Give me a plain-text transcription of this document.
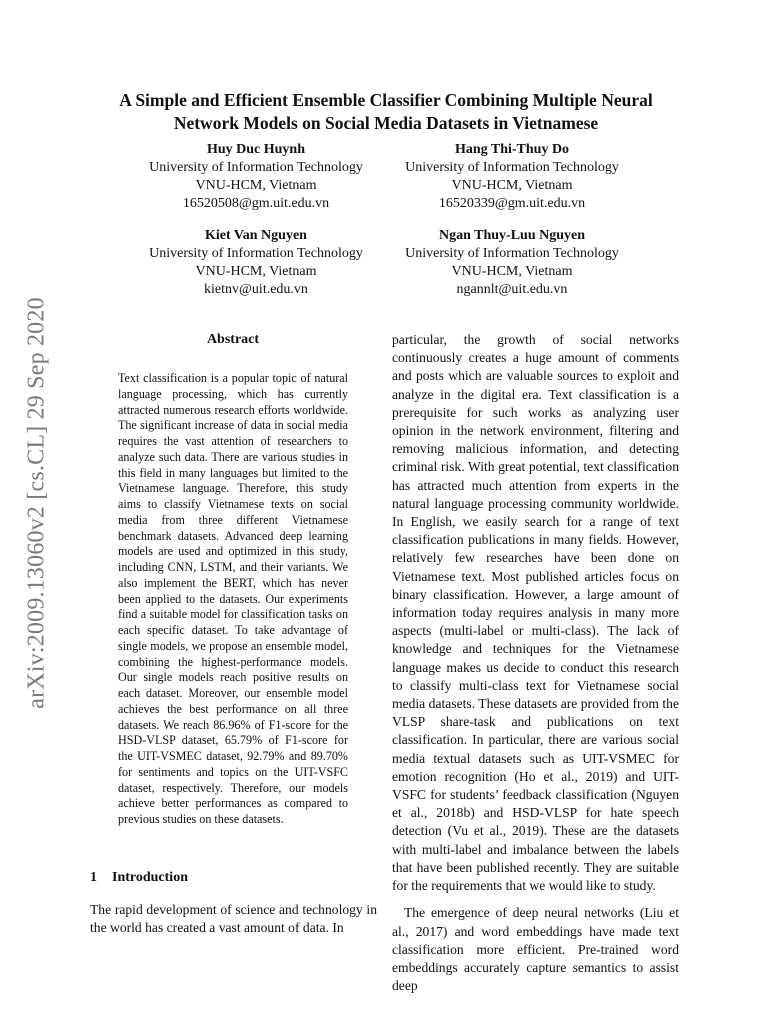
arXiv:2009.13060v2 [cs.CL] 29 Sep 2020
A Simple and Efficient Ensemble Classifier Combining Multiple Neural Network Models on Social Media Datasets in Vietnamese
Huy Duc Huynh
University of Information Technology
VNU-HCM, Vietnam
16520508@gm.uit.edu.vn
Hang Thi-Thuy Do
University of Information Technology
VNU-HCM, Vietnam
16520339@gm.uit.edu.vn
Kiet Van Nguyen
University of Information Technology
VNU-HCM, Vietnam
kietnv@uit.edu.vn
Ngan Thuy-Luu Nguyen
University of Information Technology
VNU-HCM, Vietnam
ngannlt@uit.edu.vn
Abstract

Text classification is a popular topic of natural language processing, which has currently attracted numerous research efforts worldwide. The significant increase of data in social media requires the vast attention of researchers to analyze such data. There are various studies in this field in many languages but limited to the Vietnamese language. Therefore, this study aims to classify Vietnamese texts on social media from three different Vietnamese benchmark datasets. Advanced deep learning models are used and optimized in this study, including CNN, LSTM, and their variants. We also implement the BERT, which has never been applied to the datasets. Our experiments find a suitable model for classification tasks on each specific dataset. To take advantage of single models, we propose an ensemble model, combining the highest-performance models. Our single models reach positive results on each dataset. Moreover, our ensemble model achieves the best performance on all three datasets. We reach 86.96% of F1-score for the HSD-VLSP dataset, 65.79% of F1-score for the UIT-VSMEC dataset, 92.79% and 89.70% for sentiments and topics on the UIT-VSFC dataset, respectively. Therefore, our models achieve better performances as compared to previous studies on these datasets.

1 Introduction

The rapid development of science and technology in the world has created a vast amount of data. In

particular, the growth of social networks continuously creates a huge amount of comments and posts which are valuable sources to exploit and analyze in the digital era. Text classification is a prerequisite for such works as analyzing user opinion in the network environment, filtering and removing malicious information, and detecting criminal risk. With great potential, text classification has attracted much attention from experts in the natural language processing community worldwide. In English, we easily search for a range of text classification publications in many fields. However, relatively few researches have been done on Vietnamese text. Most published articles focus on binary classification. However, a large amount of information today requires analysis in many more aspects (multi-label or multi-class). The lack of knowledge and techniques for the Vietnamese language makes us decide to conduct this research to classify multi-class text for Vietnamese social media datasets. These datasets are provided from the VLSP share-task and publications on text classification. In particular, there are various social media textual datasets such as UIT-VSMEC for emotion recognition (Ho et al., 2019) and UIT-VSFC for students’ feedback classification (Nguyen et al., 2018b) and HSD-VLSP for hate speech detection (Vu et al., 2019). These are the datasets with multi-label and imbalance between the labels that have been published recently. They are suitable for the requirements that we would like to study.

The emergence of deep neural networks (Liu et al., 2017) and word embeddings have made text classification more efficient. Pre-trained word embeddings accurately capture semantics to assist deep
